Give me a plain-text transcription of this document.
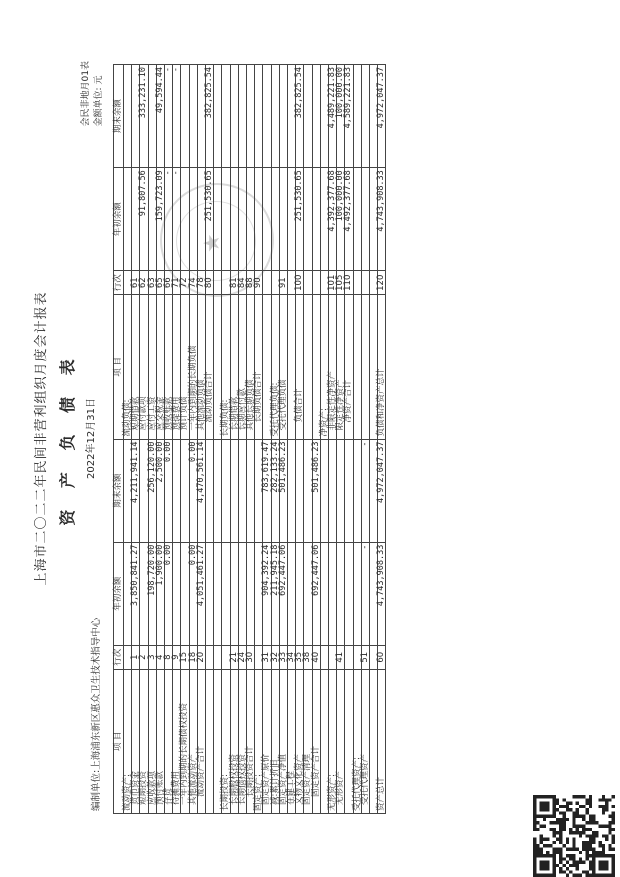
上海市二〇二二年民间非营利组织月度会计报表 资 产 负 债 表 2022年12月31日
编制单位:上海浦东新区惠众卫生技术指导中心
会民非地月01表 金额单位: 元
★
项 目	行次	年初余额	期末余额	项 目	行次	年初余额	期末余额
流动资产:				流动负债:			
货币资金	1	3,850,841.27	4,211,941.14	短期借款	61		
短期投资	2			应付款项	62	91,807.56	333,231.10
应收款项	3	198,720.00	256,120.00	应付工资	63		
预付账款	4	1,900.00	2,500.00	应交税金	65	159,723.09	49,594.44
存货	8	0.00	0.00	预收账款	66	-	-
待摊费用	9			预提费用	71	-	-
一年内到期的长期债权投资	15			预计负债	72		
其他流动资产	18	0.00	0.00	一年内到期的长期负债	74		
流动资产合计	20	4,051,461.27	4,470,561.14	其他流动负债	78		
				流动负债合计	80	251,530.65	382,825.54

长期投资:				长期负债:			
长期股权投资	21			长期借款	81		
长期债权投资	24			长期应付款	84		
长期投资合计	30			其他长期负债	88		
固定资产:				长期负债合计	90		
固定资产原价	31	904,392.24	783,619.47				
减:累计折旧	32	211,945.18	282,133.24	受托代理负债:			
固定资产净值	33	692,447.06	501,486.23	受托代理负债	91		
在建工程	34						
文物文化资产	35			负债合计	100	251,530.65	382,825.54
固定资产清理	38						
固定资产合计	40	692,447.06	501,486.23				
				净资产:			
无形资产:				非限定性净资产	101	4,392,377.68	4,489,221.83
无形资产	41			限定性净资产	105	100,000.00	100,000.00
				净资产合计	110	4,492,377.68	4,589,221.83
受托代理资产:							
受托代理资产	51	-	-				

资产总计	60	4,743,908.33	4,972,047.37	负债和净资产总计	120	4,743,908.33	4,972,047.37
